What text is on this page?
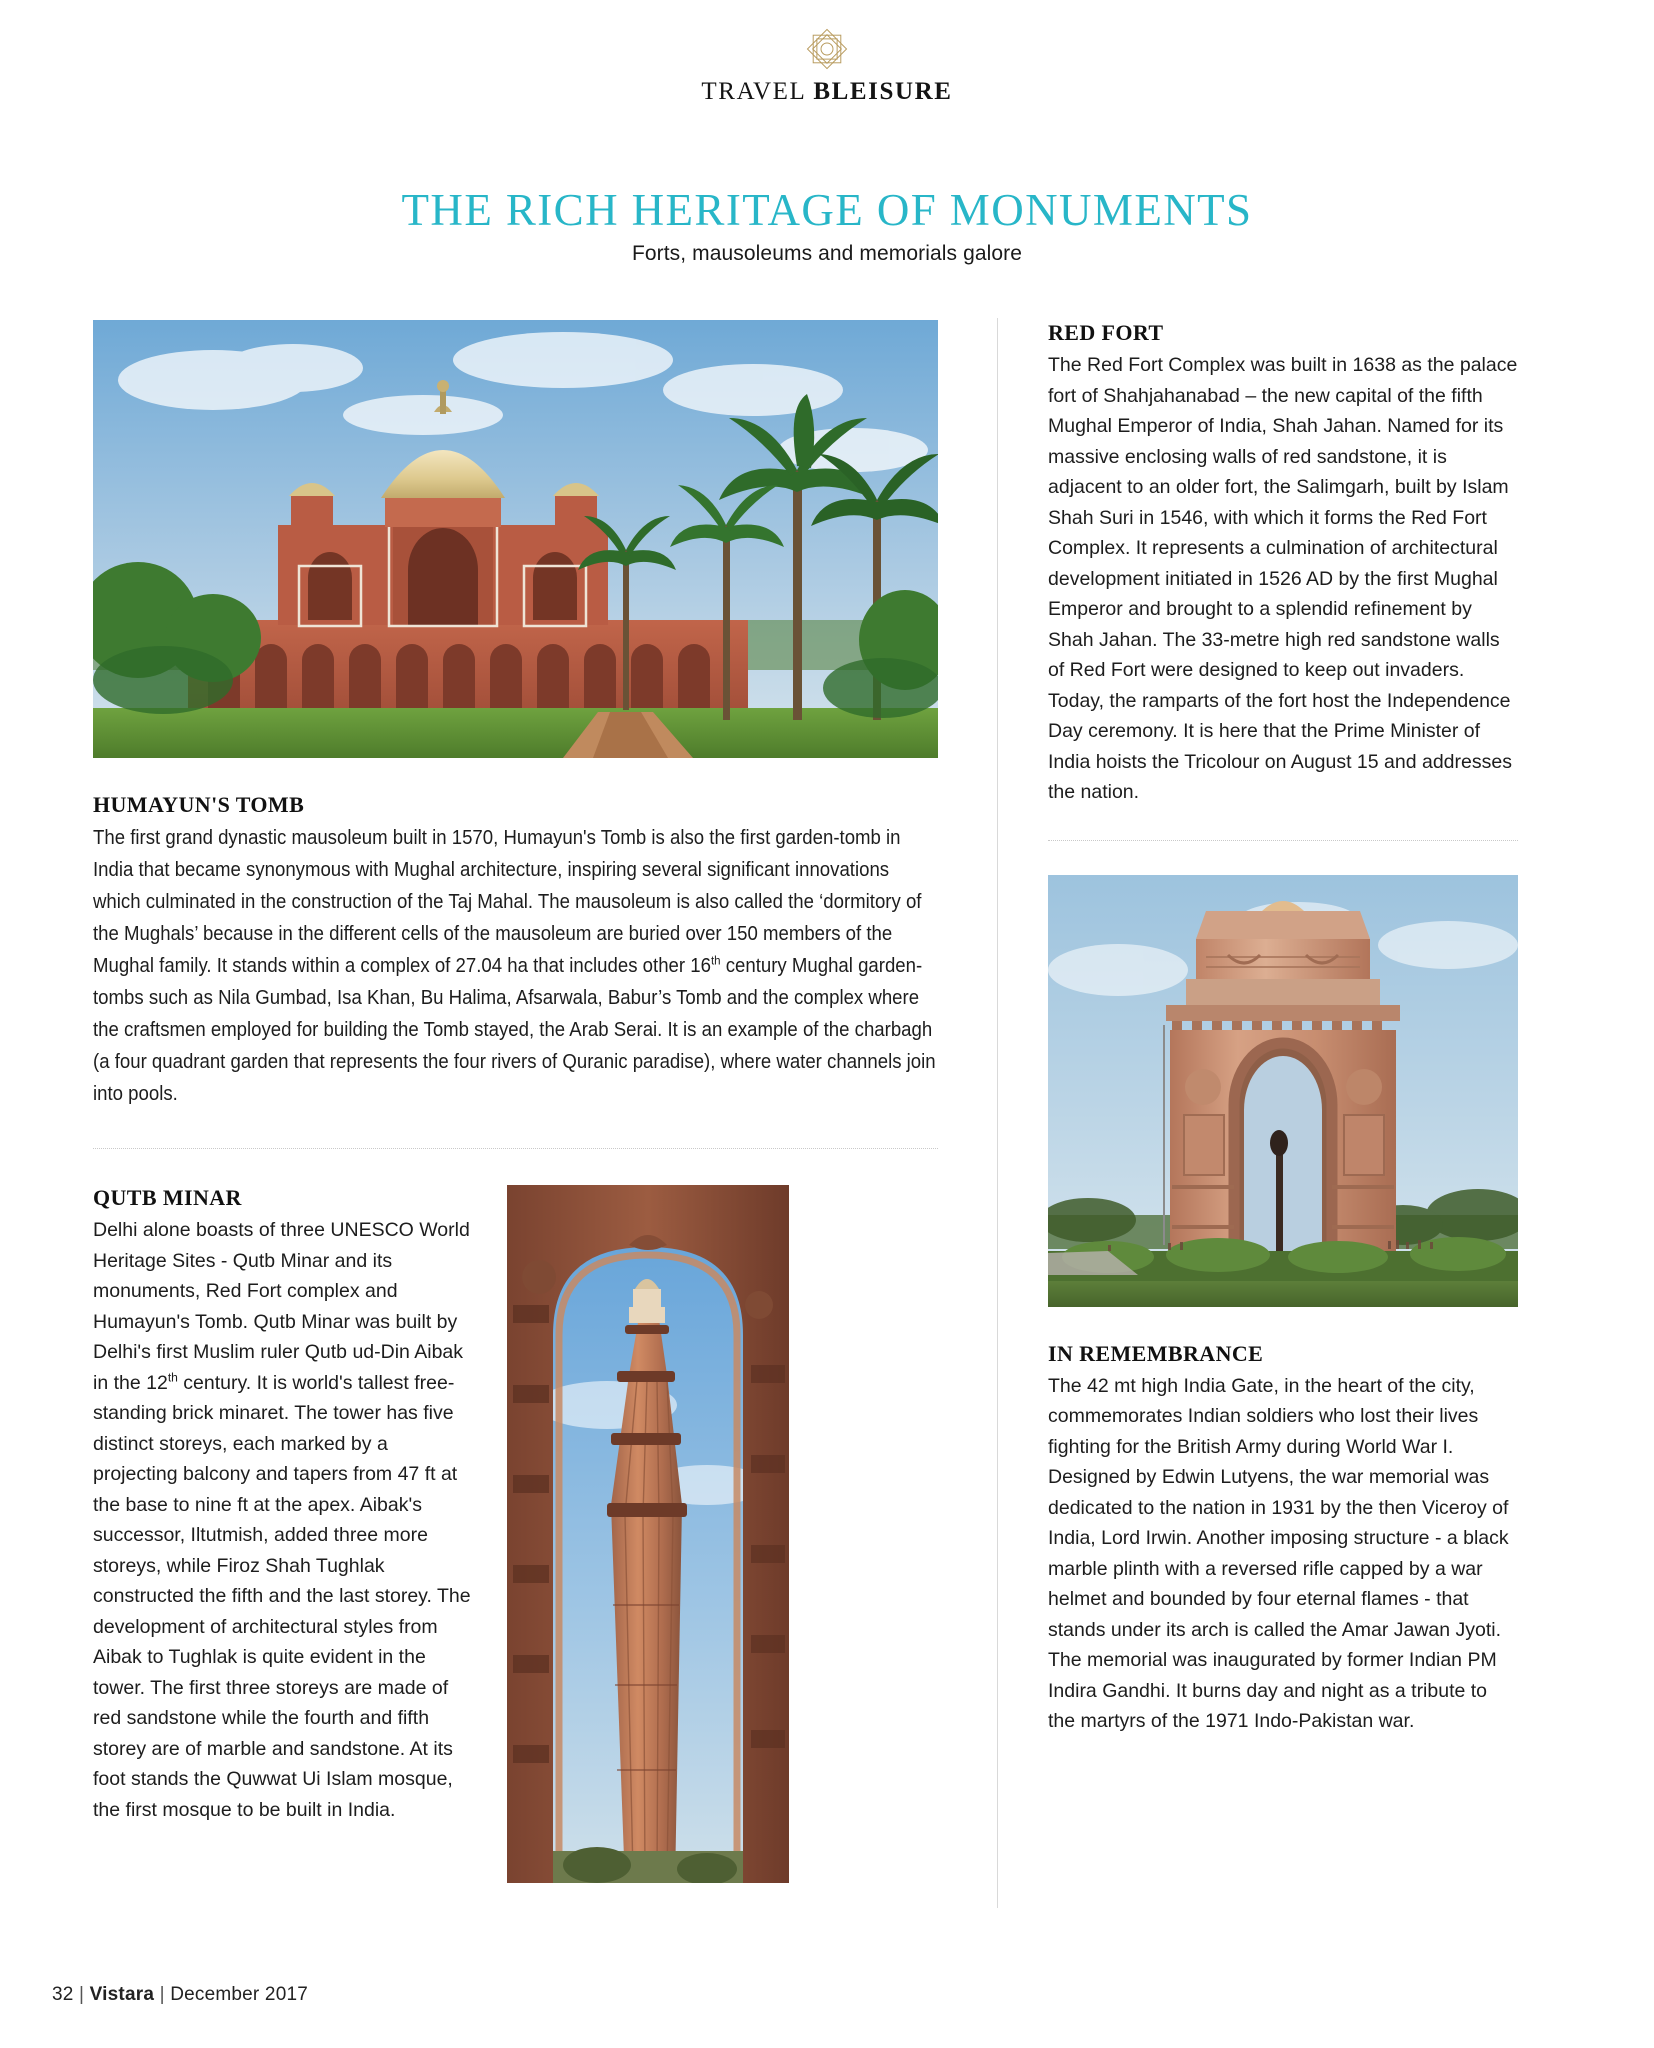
TRAVEL BLEISURE
THE RICH HERITAGE OF MONUMENTS
Forts, mausoleums and memorials galore
HUMAYUN'S TOMB

The first grand dynastic mausoleum built in 1570, Humayun's Tomb is also the first garden-tomb in India that became synonymous with Mughal architecture, inspiring several significant innovations which culminated in the construction of the Taj Mahal. The mausoleum is also called the ‘dormitory of the Mughals’ because in the different cells of the mausoleum are buried over 150 members of the Mughal family. It stands within a complex of 27.04 ha that includes other 16th century Mughal garden-tombs such as Nila Gumbad, Isa Khan, Bu Halima, Afsarwala, Babur’s Tomb and the complex where the craftsmen employed for building the Tomb stayed, the Arab Serai. It is an example of the charbagh (a four quadrant garden that represents the four rivers of Quranic paradise), where water channels join into pools.

QUTB MINAR

Delhi alone boasts of three UNESCO World Heritage Sites - Qutb Minar and its monuments, Red Fort complex and Humayun's Tomb. Qutb Minar was built by Delhi's first Muslim ruler Qutb ud-Din Aibak in the 12th century. It is world's tallest free-standing brick minaret. The tower has five distinct storeys, each marked by a projecting balcony and tapers from 47 ft at the base to nine ft at the apex. Aibak's successor, Iltutmish, added three more storeys, while Firoz Shah Tughlak constructed the fifth and the last storey. The development of architectural styles from Aibak to Tughlak is quite evident in the tower. The first three storeys are made of red sandstone while the fourth and fifth storey are of marble and sandstone. At its foot stands the Quwwat Ui Islam mosque, the first mosque to be built in India.

RED FORT

The Red Fort Complex was built in 1638 as the palace fort of Shahjahanabad – the new capital of the fifth Mughal Emperor of India, Shah Jahan. Named for its massive enclosing walls of red sandstone, it is adjacent to an older fort, the Salimgarh, built by Islam Shah Suri in 1546, with which it forms the Red Fort Complex. It represents a culmination of architectural development initiated in 1526 AD by the first Mughal Emperor and brought to a splendid refinement by Shah Jahan. The 33-metre high red sandstone walls of Red Fort were designed to keep out invaders. Today, the ramparts of the fort host the Independence Day ceremony. It is here that the Prime Minister of India hoists the Tricolour on August 15 and addresses the nation.

IN REMEMBRANCE

The 42 mt high India Gate, in the heart of the city, commemorates Indian soldiers who lost their lives fighting for the British Army during World War I. Designed by Edwin Lutyens, the war memorial was dedicated to the nation in 1931 by the then Viceroy of India, Lord Irwin. Another imposing structure - a black marble plinth with a reversed rifle capped by a war helmet and bounded by four eternal flames - that stands under its arch is called the Amar Jawan Jyoti. The memorial was inaugurated by former Indian PM Indira Gandhi. It burns day and night as a tribute to the martyrs of the 1971 Indo-Pakistan war.

32 | Vistara | December 2017
